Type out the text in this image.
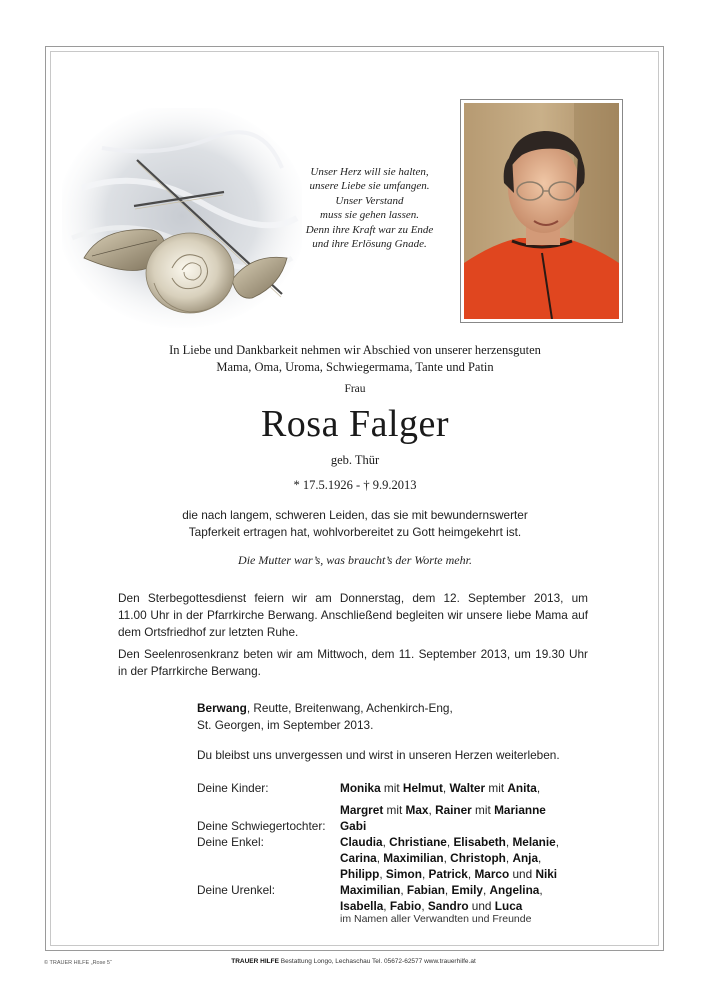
Unser Herz will sie halten,
unsere Liebe sie umfangen.
Unser Verstand
muss sie gehen lassen.
Denn ihre Kraft war zu Ende
und ihre Erlösung Gnade.
In Liebe und Dankbarkeit nehmen wir Abschied von unserer herzensguten
Mama, Oma, Uroma, Schwiegermama, Tante und Patin
Frau
Rosa Falger
geb. Thür
* 17.5.1926 - † 9.9.2013
die nach langem, schweren Leiden, das sie mit bewundernswerter
Tapferkeit ertragen hat, wohlvorbereitet zu Gott heimgekehrt ist.
Die Mutter war’s, was braucht’s der Worte mehr.
Den Sterbegottesdienst feiern wir am Donnerstag, dem 12. September 2013, um
11.00 Uhr in der Pfarrkirche Berwang. Anschließend begleiten wir unsere liebe Mama auf
dem Ortsfriedhof zur letzten Ruhe.
Den Seelenrosenkranz beten wir am Mittwoch, dem 11. September 2013, um 19.30 Uhr
in der Pfarrkirche Berwang.
Berwang, Reutte, Breitenwang, Achenkirch-Eng,
St. Georgen, im September 2013.
Du bleibst uns unvergessen und wirst in unseren Herzen weiterleben.
Deine Kinder:	Monika mit Helmut, Walter mit Anita,
Margret mit Max, Rainer mit Marianne
Deine Schwiegertochter: Gabi
Deine Enkel:	Claudia, Christiane, Elisabeth, Melanie,
Carina, Maximilian, Christoph, Anja,
Philipp, Simon, Patrick, Marco und Niki
Deine Urenkel:	Maximilian, Fabian, Emily, Angelina,
Isabella, Fabio, Sandro und Luca
im Namen aller Verwandten und Freunde
© TRAUER HILFE „Rose 5“	TRAUER HILFE Bestattung Longo, Lechaschau Tel. 05672-62577 www.trauerhilfe.at
